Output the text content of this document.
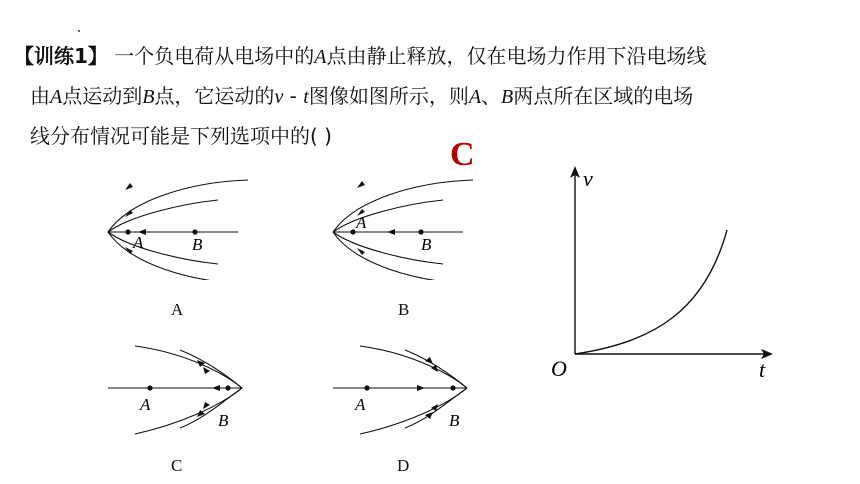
【训练1】 一个负电荷从电场中的A点由静止释放，仅在电场力作用下沿电场线
由A点运动到B点，它运动的v - t图像如图所示，则A、B两点所在区域的电场
线分布情况可能是下列选项中的( )	C
A	B
A
A
B
B
A
B
C
A
B
D
v
t
O
